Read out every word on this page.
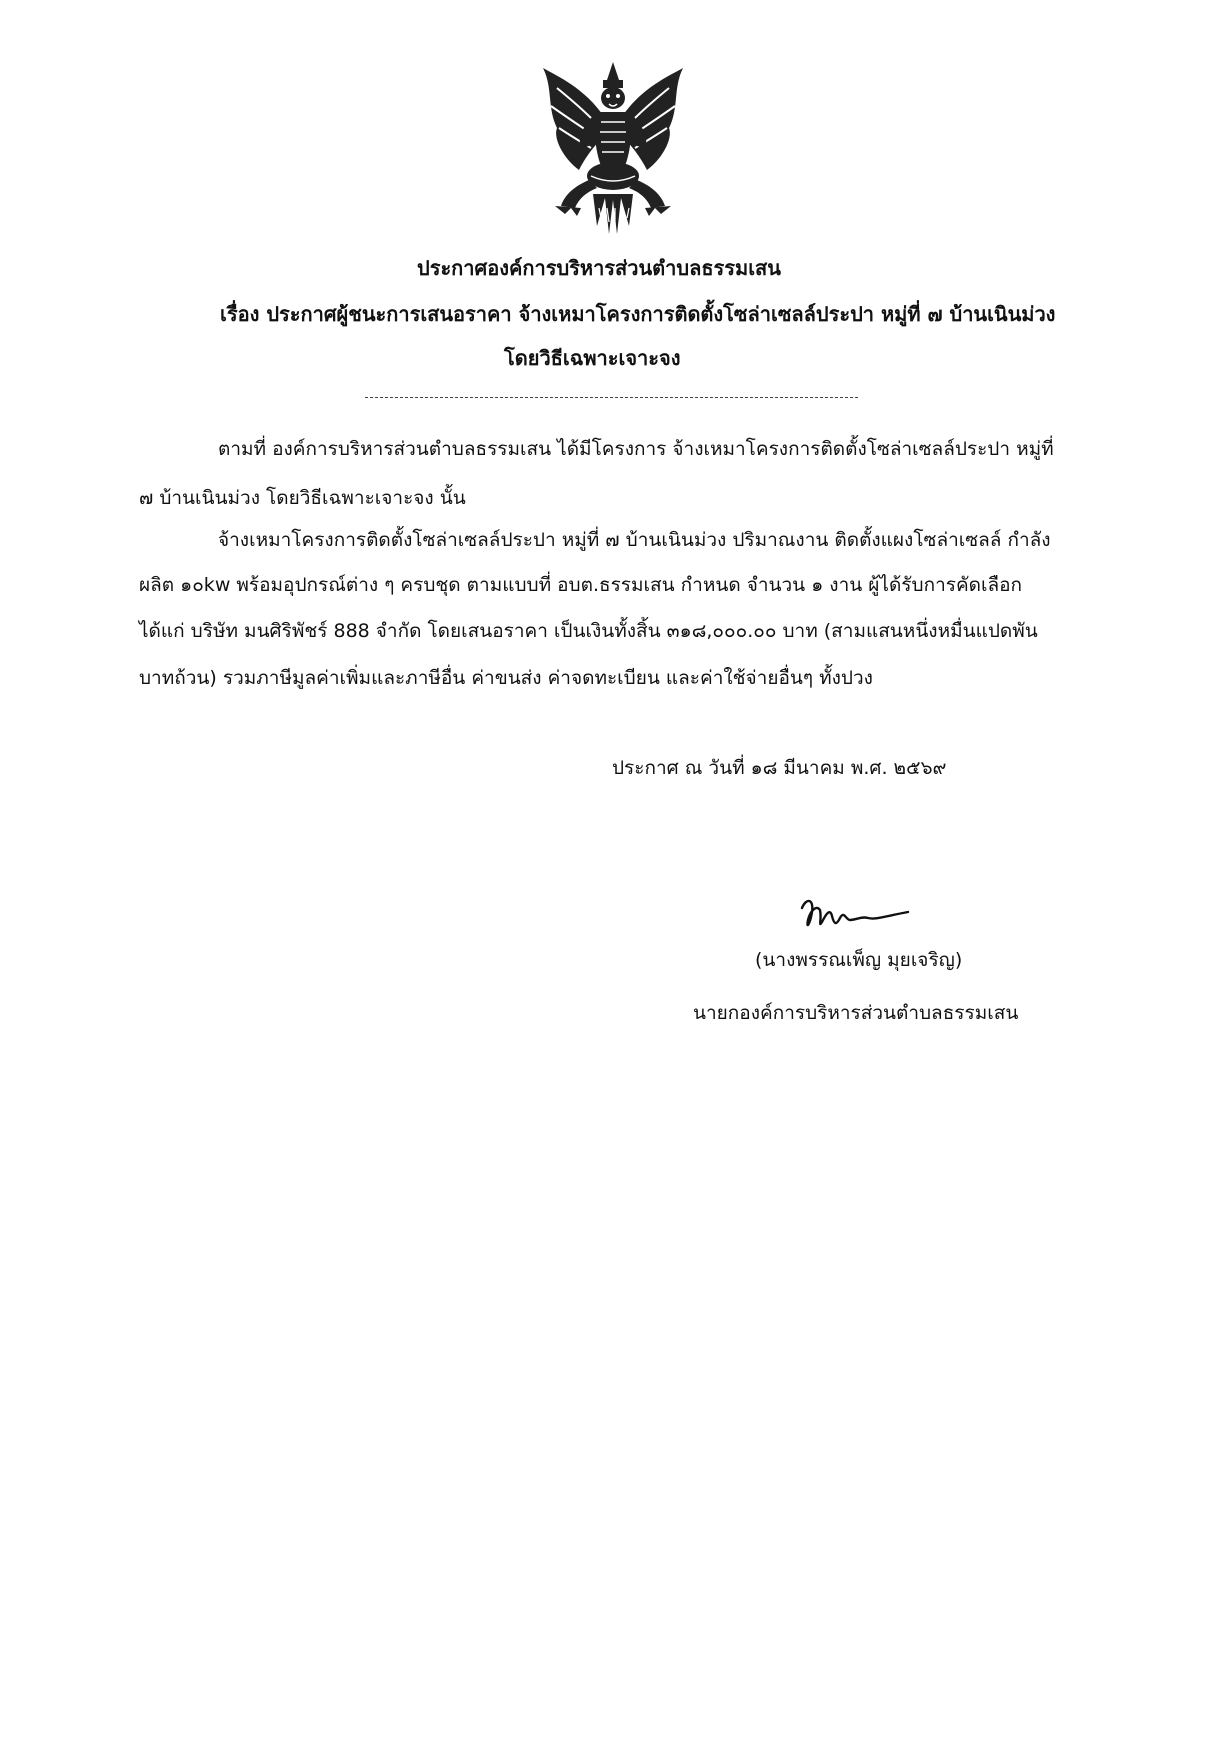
ประกาศองค์การบริหารส่วนตำบลธรรมเสน
เรื่อง ประกาศผู้ชนะการเสนอราคา จ้างเหมาโครงการติดตั้งโซล่าเซลล์ประปา หมู่ที่ ๗ บ้านเนินม่วง
โดยวิธีเฉพาะเจาะจง
ตามที่ องค์การบริหารส่วนตำบลธรรมเสน ได้มีโครงการ จ้างเหมาโครงการติดตั้งโซล่าเซลล์ประปา หมู่ที่
๗ บ้านเนินม่วง โดยวิธีเฉพาะเจาะจง นั้น
จ้างเหมาโครงการติดตั้งโซล่าเซลล์ประปา หมู่ที่ ๗ บ้านเนินม่วง ปริมาณงาน ติดตั้งแผงโซล่าเซลล์ กำลัง
ผลิต ๑๐kw พร้อมอุปกรณ์ต่าง ๆ ครบชุด ตามแบบที่ อบต.ธรรมเสน กำหนด จำนวน ๑ งาน ผู้ได้รับการคัดเลือก
ได้แก่ บริษัท มนศิริพัชร์ 888 จำกัด โดยเสนอราคา เป็นเงินทั้งสิ้น ๓๑๘,๐๐๐.๐๐ บาท (สามแสนหนึ่งหมื่นแปดพัน
บาทถ้วน) รวมภาษีมูลค่าเพิ่มและภาษีอื่น ค่าขนส่ง ค่าจดทะเบียน และค่าใช้จ่ายอื่นๆ ทั้งปวง
ประกาศ ณ วันที่ ๑๘ มีนาคม พ.ศ. ๒๕๖๙
(นางพรรณเพ็ญ มุยเจริญ)
นายกองค์การบริหารส่วนตำบลธรรมเสน
